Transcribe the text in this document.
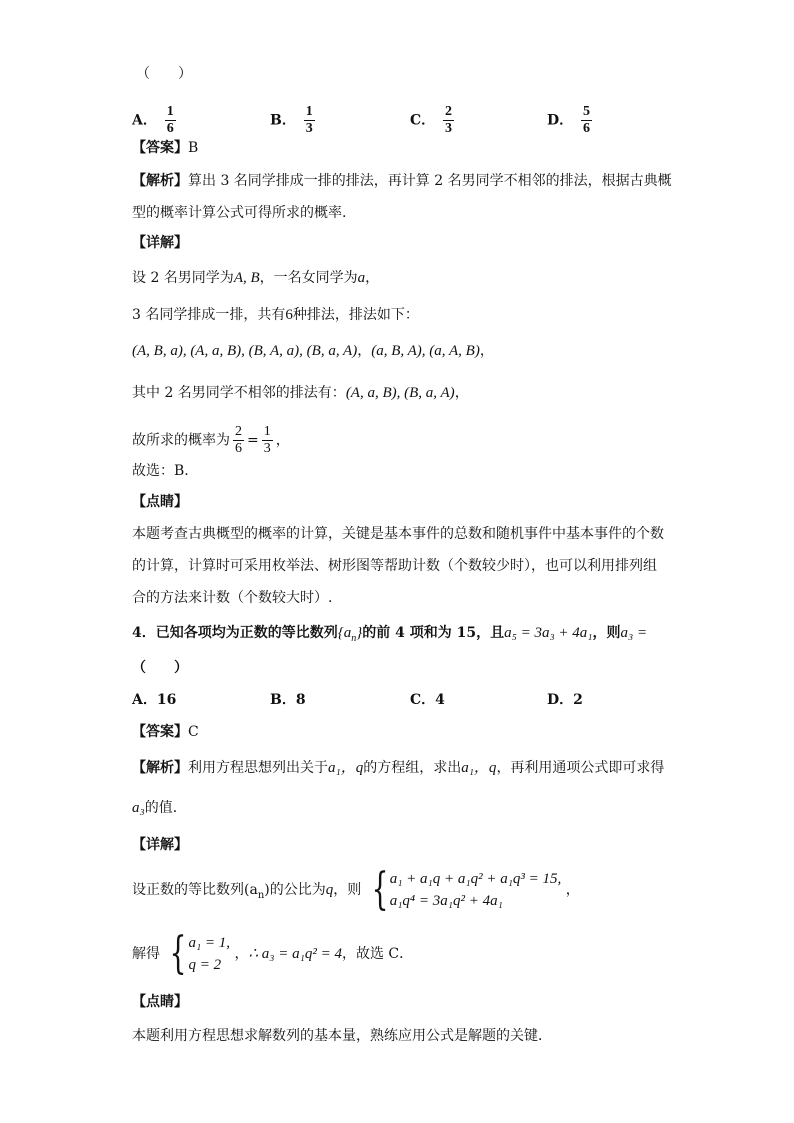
（　　）
A． $\frac{1}{6}$	B． $\frac{1}{3}$	C． $\frac{2}{3}$	D． $\frac{5}{6}$
【答案】B
【解析】算出 3 名同学排成一排的排法，再计算 2 名男同学不相邻的排法，根据古典概
型的概率计算公式可得所求的概率.
【详解】
设 2 名男同学为A, B，一名女同学为a，
3 名同学排成一排，共有6种排法，排法如下：
(A, B, a), (A, a, B), (B, A, a), (B, a, A)，(a, B, A), (a, A, B)，
其中 2 名男同学不相邻的排法有：(A, a, B), (B, a, A)，
故所求的概率为 $\frac{2}{6} = \frac{1}{3}$ ，
故选：B.
【点睛】
本题考查古典概型的概率的计算，关键是基本事件的总数和随机事件中基本事件的个数
的计算，计算时可采用枚举法、树形图等帮助计数（个数较少时），也可以利用排列组
合的方法来计数（个数较大时）.
4．已知各项均为正数的等比数列$\{a_n\}$的前 4 项和为 15，且a₅ = 3a₃ + 4a₁，则a₃ =
（　　）
A．16	B．8	C．4	D．2
【答案】C
【解析】利用方程思想列出关于a₁，q的方程组，求出a₁，q，再利用通项公式即可求得
a₃的值．
【详解】
设正数的等比数列$(a_n)$的公比为q，则 { a₁ + a₁q + a₁q² + a₁q³ = 15,
a₁q⁴ = 3a₁q² + 4a₁
，
解得 { a₁ = 1,
q = 2
，∴ a₃ = a₁q² = 4，故选 C．
【点睛】
本题利用方程思想求解数列的基本量，熟练应用公式是解题的关键．
